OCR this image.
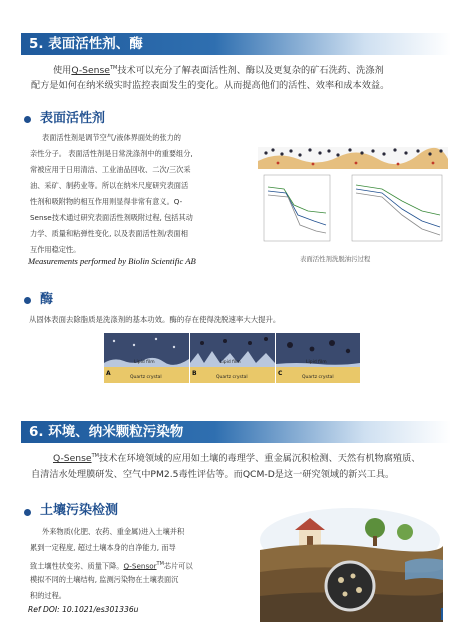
5. 表面活性剂、酶
使用Q-Sense™技术可以充分了解表面活性剂、酶以及更复杂的矿石洗药、洗涤剂
配方是如何在纳米级实时监控表面发生的变化。从而提高他们的活性、效率和成本效益。
表面活性剂
表面活性剂是调节空气/液体界面处的张力的
亲性分子。 表面活性剂是日常洗涤剂中的重要组分,
常被应用于日用清洁、工业油品回收、二次/三次采
油、采矿、制药业等。所以在纳米尺度研究表面活
性剂和吸附物的相互作用则显得非常有意义。Q-
Sense技术通过研究表面活性剂吸附过程, 包括其动
力学、质量和粘弹性变化, 以及表面活性剂/表面相
互作用稳定性。
Measurements performed by Biolin Scientific AB	表面活性剂洗脱油污过程
酶
从固体表面去除脂质是洗涤剂的基本功效。酶的存在使得洗脱速率大大提升。
A
Lipid film
Quartz crystal
B
Lipid film
Quartz crystal
C
Lipid film
Quartz crystal
6. 环境、纳米颗粒污染物
Q-Sense™技术在环境领域的应用如土壤的毒理学、重金属沉积检测、天然有机物腐殖质、
自清洁水处理膜研发、空气中PM2.5毒性评估等。而QCM-D是这一研究领域的新兴工具。
土壤污染检测
外来物质(化肥、农药、重金属)进入土壤并积
累到一定程度, 超过土壤本身的自净能力, 而导
致土壤性状变劣、质量下降。Q-Sensor™芯片可以
模拟不同的土壤结构, 监测污染物在土壤表面沉
积的过程。
Ref DOI: 10.1021/es301336u
